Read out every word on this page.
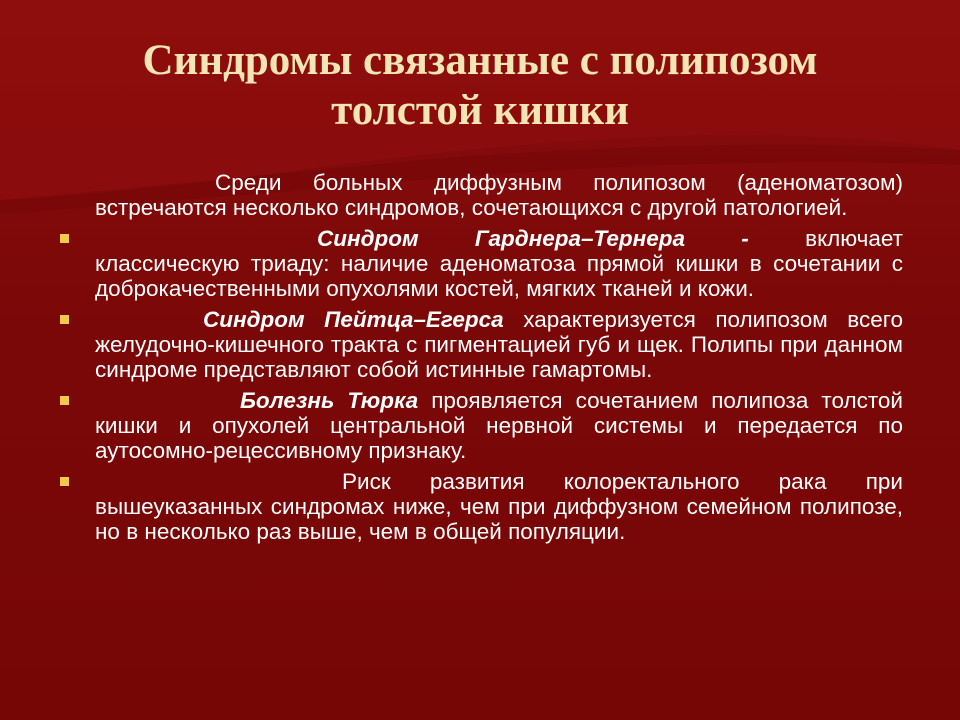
Синдромы связанные с полипозом
толстой кишки

Среди больных диффузным полипозом (аденоматозом) встречаются несколько синдромов, сочетающихся с другой патологией.

Синдром Гарднера–Тернера - включает классическую триаду: наличие аденоматоза прямой кишки в сочетании с доброкачественными опухолями костей, мягких тканей и кожи.

Синдром Пейтца–Егерса характеризуется полипозом всего желудочно-кишечного тракта с пигментацией губ и щек. Полипы при данном синдроме представляют собой истинные гамартомы.

Болезнь Тюрка проявляется сочетанием полипоза толстой кишки и опухолей центральной нервной системы и передается по аутосомно-рецессивному признаку.

Риск развития колоректального рака при вышеуказанных синдромах ниже, чем при диффузном семейном полипозе, но в несколько раз выше, чем в общей популяции.
